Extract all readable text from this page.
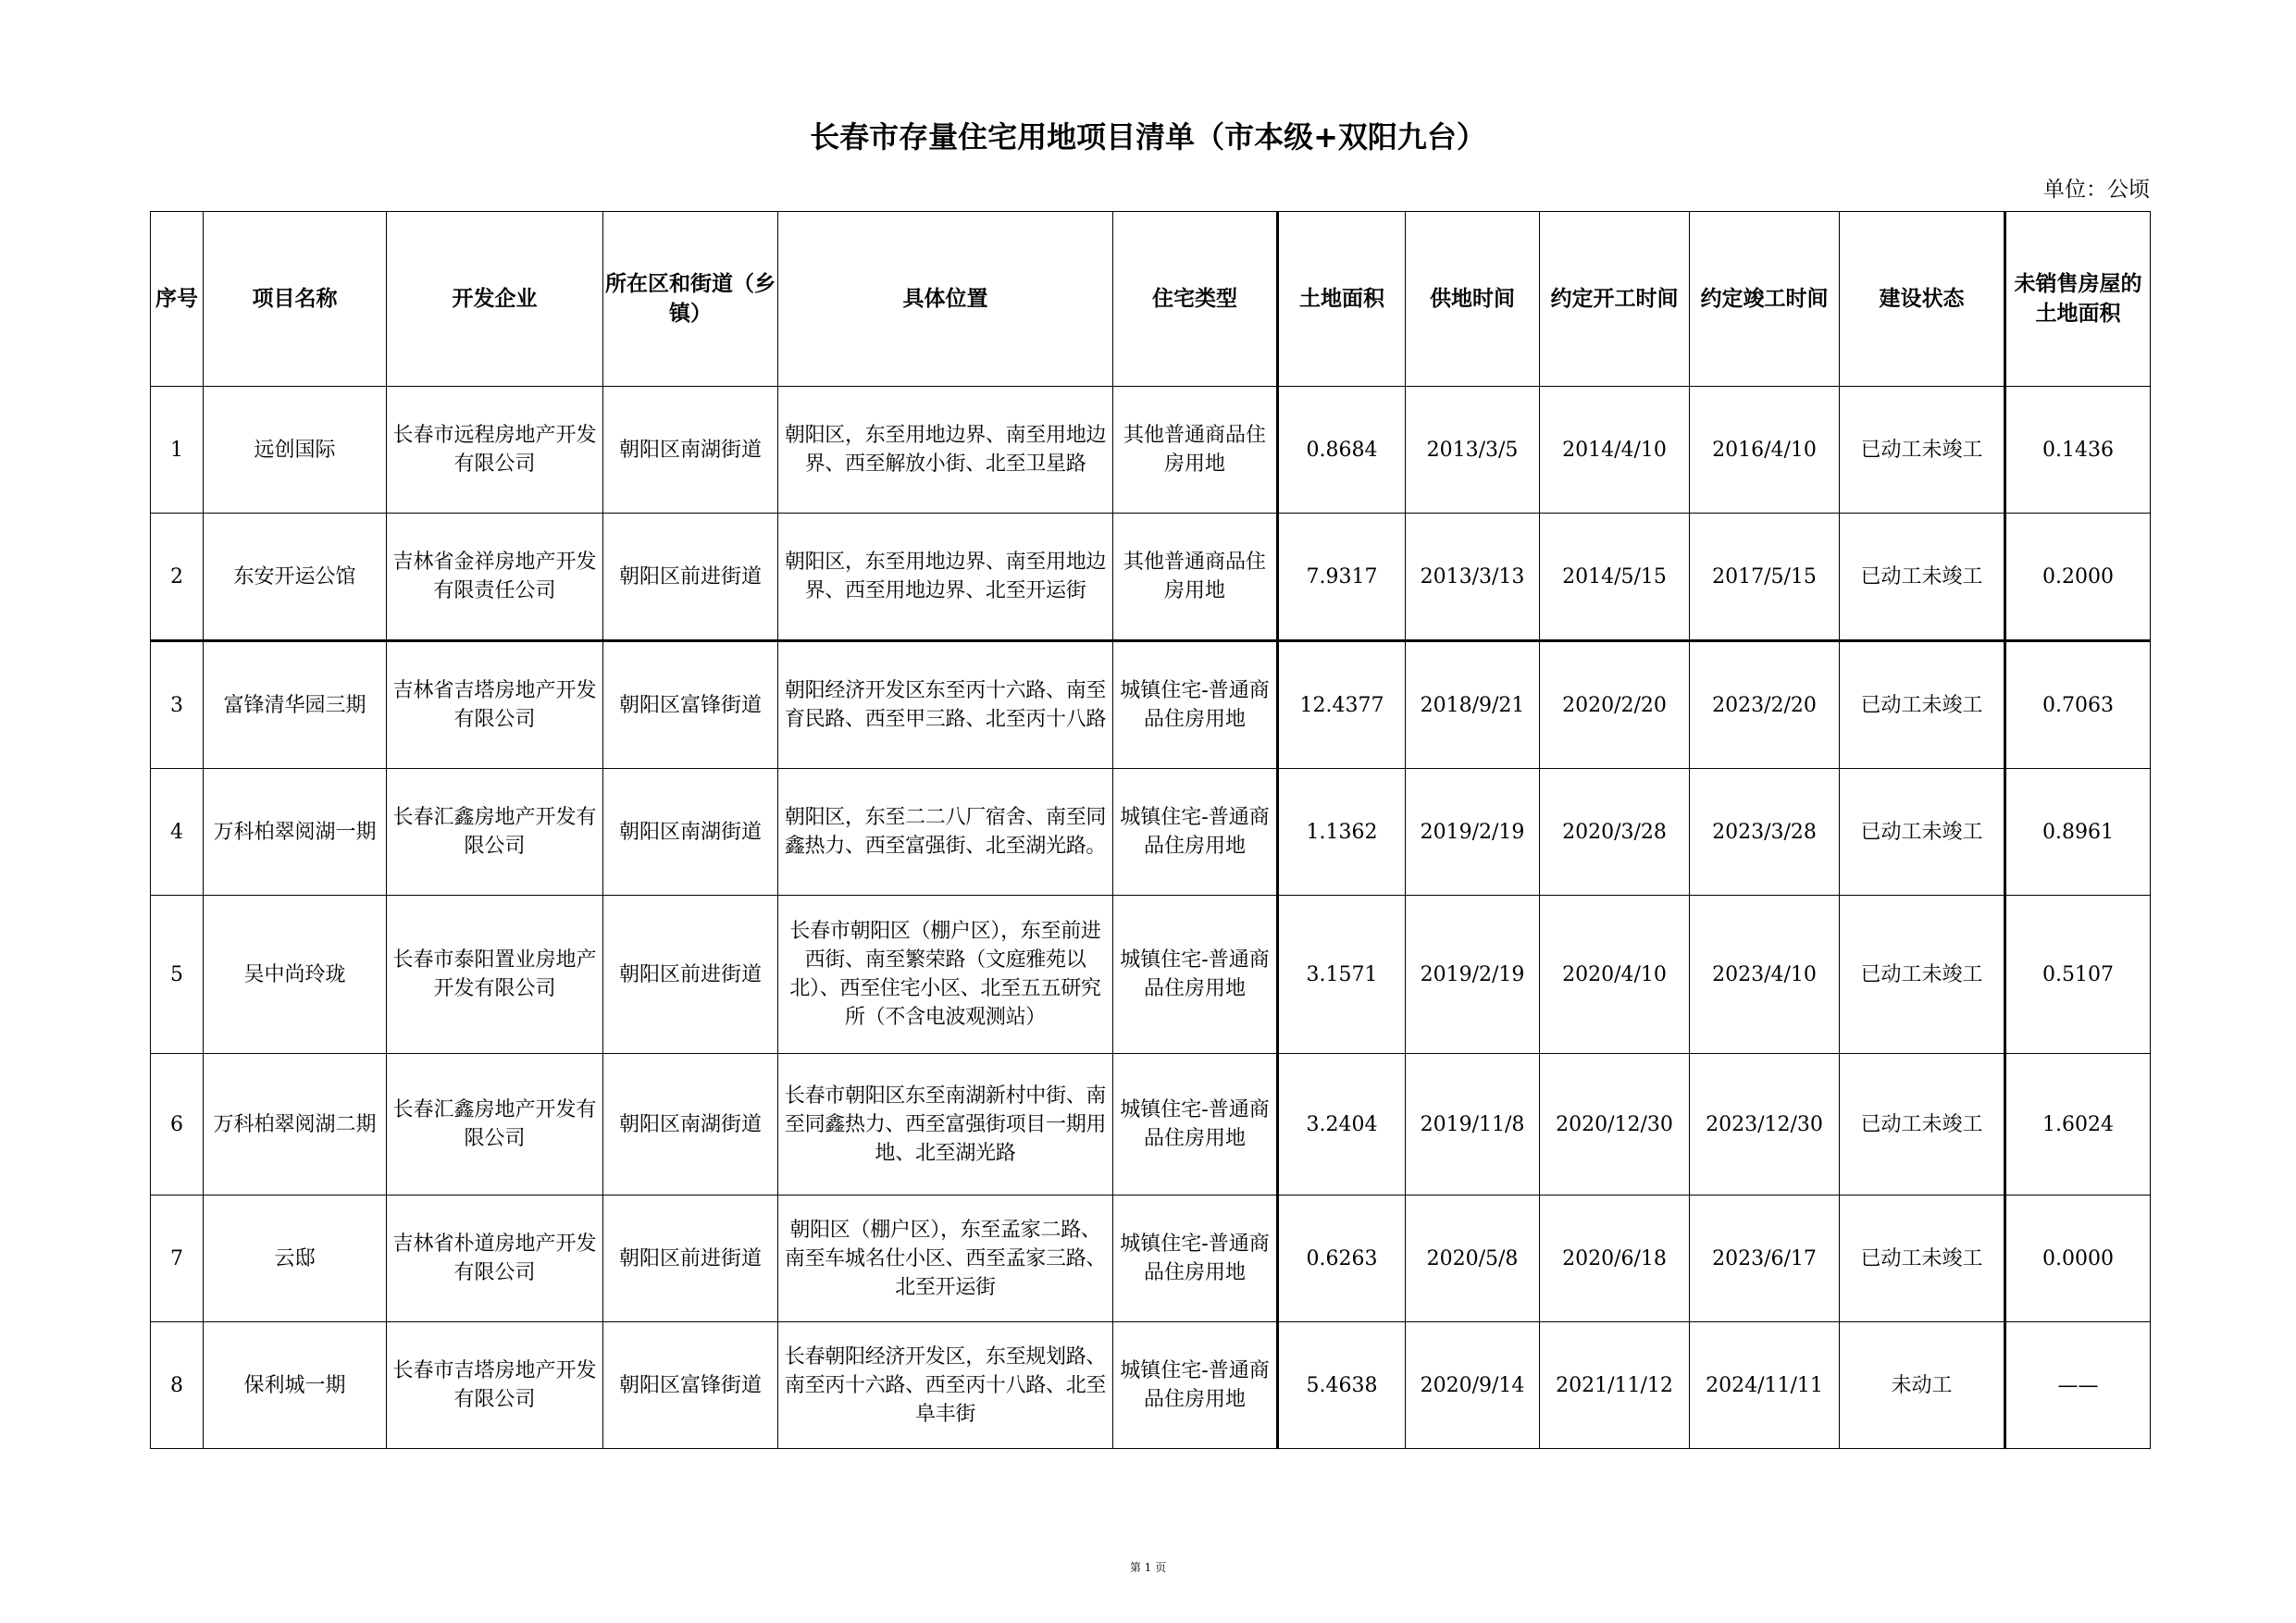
长春市存量住宅用地项目清单（市本级+双阳九台）
单位：公顷
序号	项目名称	开发企业	所在区和街道（乡镇）	具体位置	住宅类型	土地面积	供地时间	约定开工时间	约定竣工时间	建设状态	未销售房屋的土地面积
1	远创国际	长春市远程房地产开发有限公司	朝阳区南湖街道	朝阳区，东至用地边界、南至用地边界、西至解放小街、北至卫星路	其他普通商品住房用地	0.8684	2013/3/5	2014/4/10	2016/4/10	已动工未竣工	0.1436
2	东安开运公馆	吉林省金祥房地产开发有限责任公司	朝阳区前进街道	朝阳区，东至用地边界、南至用地边界、西至用地边界、北至开运街	其他普通商品住房用地	7.9317	2013/3/13	2014/5/15	2017/5/15	已动工未竣工	0.2000
3	富锋清华园三期	吉林省吉塔房地产开发有限公司	朝阳区富锋街道	朝阳经济开发区东至丙十六路、南至育民路、西至甲三路、北至丙十八路	城镇住宅-普通商品住房用地	12.4377	2018/9/21	2020/2/20	2023/2/20	已动工未竣工	0.7063
4	万科柏翠阅湖一期	长春汇鑫房地产开发有限公司	朝阳区南湖街道	朝阳区，东至二二八厂宿舍、南至同鑫热力、西至富强街、北至湖光路。	城镇住宅-普通商品住房用地	1.1362	2019/2/19	2020/3/28	2023/3/28	已动工未竣工	0.8961
5	吴中尚玲珑	长春市泰阳置业房地产开发有限公司	朝阳区前进街道	长春市朝阳区（棚户区），东至前进西街、南至繁荣路（文庭雅苑以北）、西至住宅小区、北至五五研究所（不含电波观测站）	城镇住宅-普通商品住房用地	3.1571	2019/2/19	2020/4/10	2023/4/10	已动工未竣工	0.5107
6	万科柏翠阅湖二期	长春汇鑫房地产开发有限公司	朝阳区南湖街道	长春市朝阳区东至南湖新村中街、南至同鑫热力、西至富强街项目一期用地、北至湖光路	城镇住宅-普通商品住房用地	3.2404	2019/11/8	2020/12/30	2023/12/30	已动工未竣工	1.6024
7	云邸	吉林省朴道房地产开发有限公司	朝阳区前进街道	朝阳区（棚户区），东至孟家二路、南至车城名仕小区、西至孟家三路、北至开运街	城镇住宅-普通商品住房用地	0.6263	2020/5/8	2020/6/18	2023/6/17	已动工未竣工	0.0000
8	保利城一期	长春市吉塔房地产开发有限公司	朝阳区富锋街道	长春朝阳经济开发区，东至规划路、南至丙十六路、西至丙十八路、北至阜丰街	城镇住宅-普通商品住房用地	5.4638	2020/9/14	2021/11/12	2024/11/11	未动工	——
第 1 页
